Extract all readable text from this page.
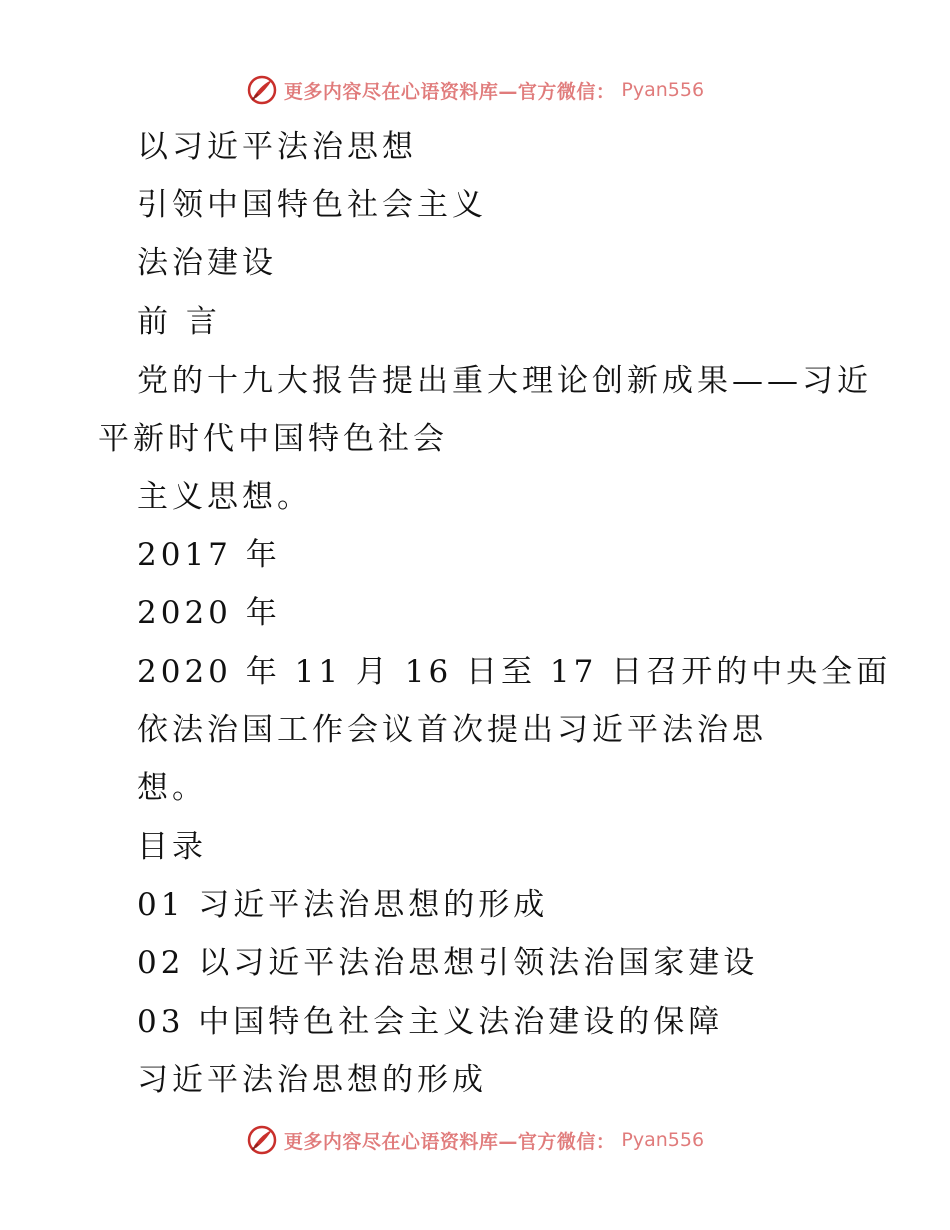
更多内容尽在心语资料库—官方微信： Pyan556
以习近平法治思想
引领中国特色社会主义
法治建设
前 言
党的十九大报告提出重大理论创新成果——习近
平新时代中国特色社会
主义思想。
2017 年
2020 年
2020 年 11 月 16 日至 17 日召开的中央全面
依法治国工作会议首次提出习近平法治思
想。
目录
01 习近平法治思想的形成
02 以习近平法治思想引领法治国家建设
03 中国特色社会主义法治建设的保障
习近平法治思想的形成
更多内容尽在心语资料库—官方微信： Pyan556
